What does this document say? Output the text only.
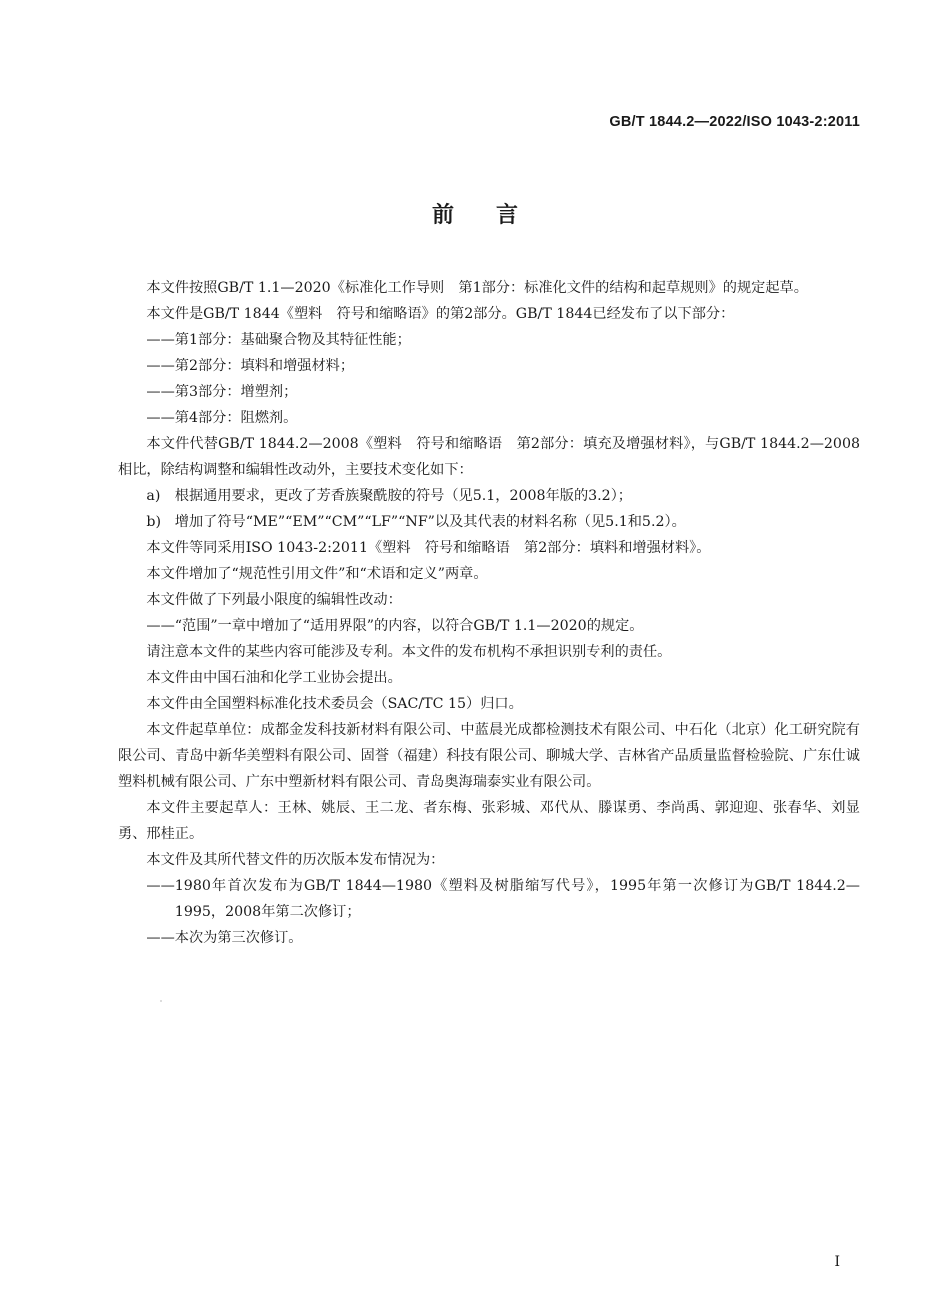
GB/T 1844.2—2022/ISO 1043-2:2011
前言

本文件按照GB/T 1.1—2020《标准化工作导则　第1部分：标准化文件的结构和起草规则》的规定起草。

本文件是GB/T 1844《塑料　符号和缩略语》的第2部分。GB/T 1844已经发布了以下部分：

——第1部分：基础聚合物及其特征性能；

——第2部分：填料和增强材料；

——第3部分：增塑剂；

——第4部分：阻燃剂。

本文件代替GB/T 1844.2—2008《塑料　符号和缩略语　第2部分：填充及增强材料》，与GB/T 1844.2—2008相比，除结构调整和编辑性改动外，主要技术变化如下：

a) 根据通用要求，更改了芳香族聚酰胺的符号（见5.1，2008年版的3.2）；

b) 增加了符号“ME”“EM”“CM”“LF”“NF”以及其代表的材料名称（见5.1和5.2）。

本文件等同采用ISO 1043-2:2011《塑料　符号和缩略语　第2部分：填料和增强材料》。

本文件增加了“规范性引用文件”和“术语和定义”两章。

本文件做了下列最小限度的编辑性改动：

——“范围”一章中增加了“适用界限”的内容，以符合GB/T 1.1—2020的规定。

请注意本文件的某些内容可能涉及专利。本文件的发布机构不承担识别专利的责任。

本文件由中国石油和化学工业协会提出。

本文件由全国塑料标准化技术委员会（SAC/TC 15）归口。

本文件起草单位：成都金发科技新材料有限公司、中蓝晨光成都检测技术有限公司、中石化（北京）化工研究院有限公司、青岛中新华美塑料有限公司、固誉（福建）科技有限公司、聊城大学、吉林省产品质量监督检验院、广东仕诚塑料机械有限公司、广东中塑新材料有限公司、青岛奥海瑞泰实业有限公司。

本文件主要起草人：王林、姚辰、王二龙、者东梅、张彩城、邓代从、滕谋勇、李尚禹、郭迎迎、张春华、刘显勇、邢桂正。

本文件及其所代替文件的历次版本发布情况为：

——1980年首次发布为GB/T 1844—1980《塑料及树脂缩写代号》，1995年第一次修订为GB/T 1844.2—1995，2008年第二次修订；

——本次为第三次修订。

I
